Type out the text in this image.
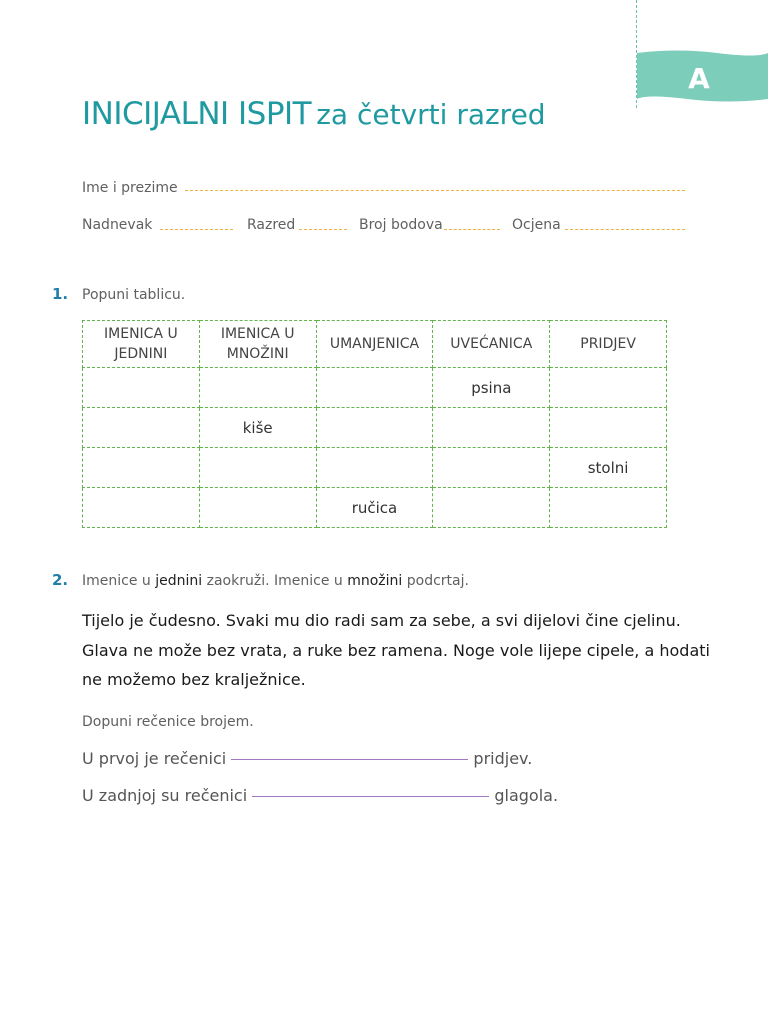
A
INICIJALNI ISPIT za četvrti razred
Ime i prezime
Nadnevak	Razred	Broj bodova	Ocjena
1. Popuni tablicu.
IMENICA U JEDNINI	IMENICA U MNOŽINI	UMANJENICA	UVEĆANICA	PRIDJEV
			psina	
	kiše			
				stolni
		ručica		
2. Imenice u jednini zaokruži. Imenice u množini podcrtaj.
Tijelo je čudesno. Svaki mu dio radi sam za sebe, a svi dijelovi čine cjelinu.
Glava ne može bez vrata, a ruke bez ramena. Noge vole lijepe cipele, a hodati
ne možemo bez kralježnice.
Dopuni rečenice brojem.
U prvoj je rečenici	pridjev.
U zadnjoj su rečenici	glagola.
